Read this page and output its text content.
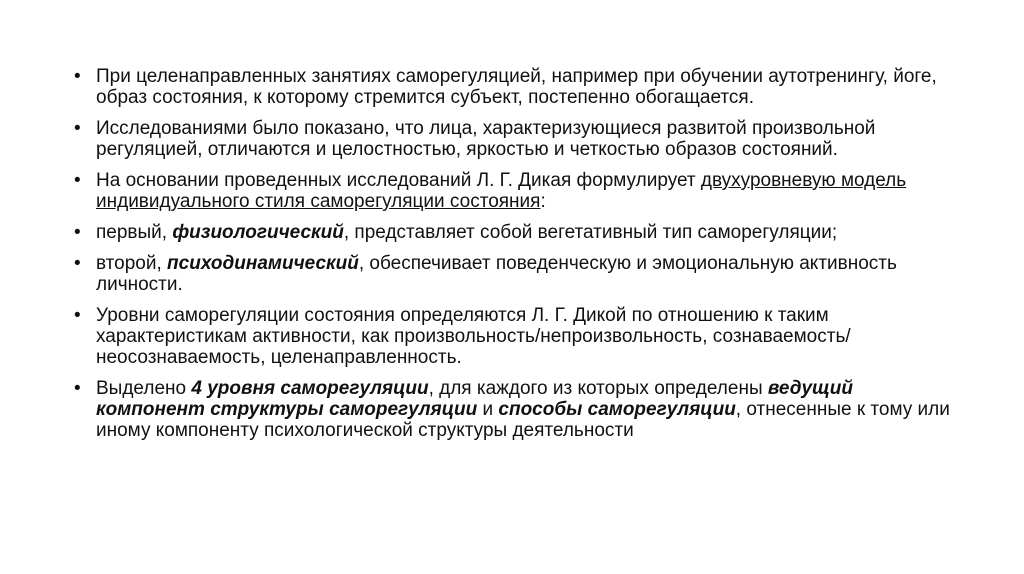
• При целенаправленных занятиях саморегуляцией, например при обучении аутотренингу, йоге, образ состояния, к которому стремится субъект, постепенно обогащается.
• Исследованиями было показано, что лица, характеризующиеся развитой произвольной регуляцией, отличаются и целостностью, яркостью и четкостью образов состояний.
• На основании проведенных исследований Л. Г. Дикая формулирует двухуровневую модель индивидуального стиля саморегуляции состояния:
• первый, физиологический, представляет собой вегетативный тип саморегуляции;
• второй, психодинамический, обеспечивает поведенческую и эмоциональную активность личности.
• Уровни саморегуляции состояния определяются Л. Г. Дикой по отношению к таким характеристикам активности, как произвольность/непроизвольность, сознаваемость/неосознаваемость, целенаправленность.
• Выделено 4 уровня саморегуляции, для каждого из которых определены ведущий компонент структуры саморегуляции и способы саморегуляции, отнесенные к тому или иному компоненту психологической структуры деятельности
